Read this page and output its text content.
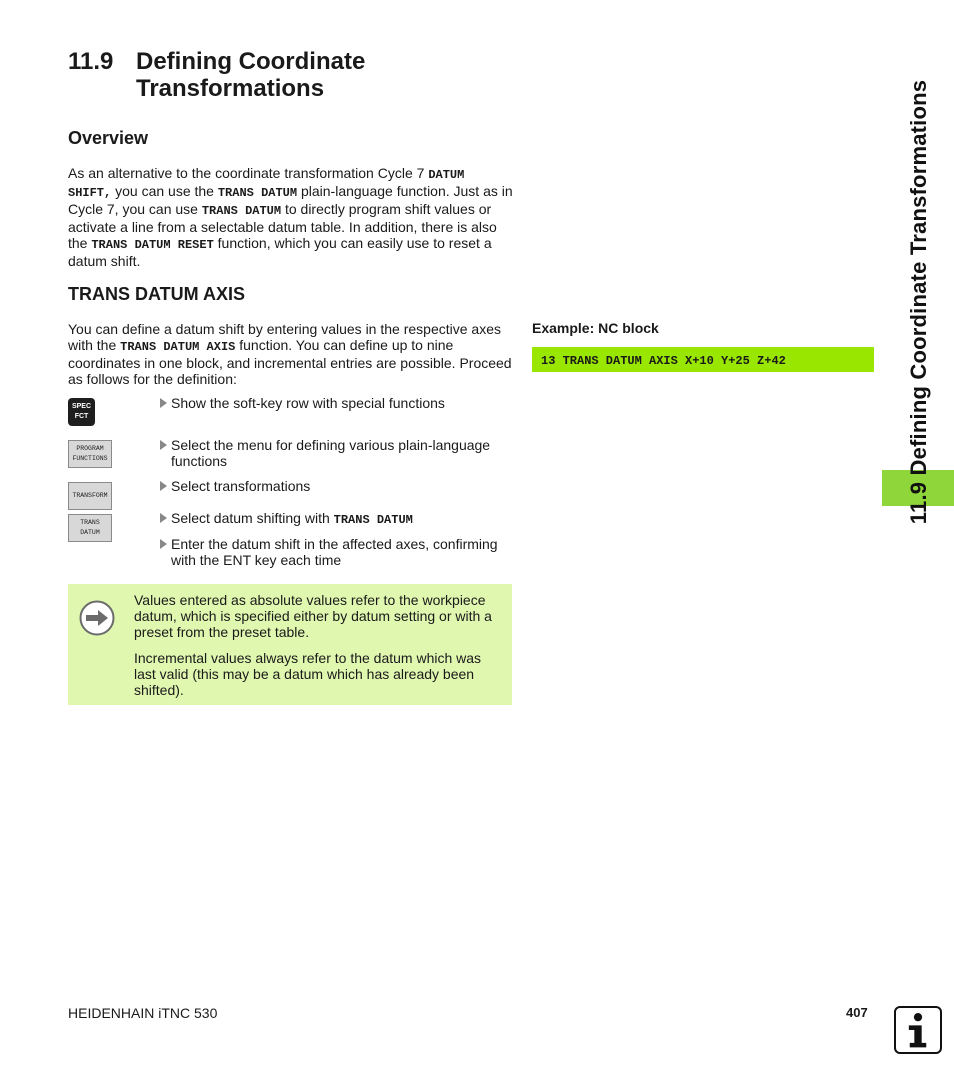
11.9 Defining Coordinate
Transformations
Overview
As an alternative to the coordinate transformation Cycle 7 DATUM
SHIFT, you can use the TRANS DATUM plain-language function. Just as in Cycle 7, you can use TRANS DATUM to directly program shift values or activate a line from a selectable datum table. In addition, there is also the TRANS DATUM RESET function, which you can easily use to reset a datum shift.
TRANS DATUM AXIS
You can define a datum shift by entering values in the respective axes with the TRANS DATUM AXIS function. You can define up to nine coordinates in one block, and incremental entries are possible. Proceed as follows for the definition:
SPEC
FCT
PROGRAM
FUNCTIONS
TRANSFORM
TRANS
DATUM
Show the soft-key row with special functions
Select the menu for defining various plain-language functions
Select transformations
Select datum shifting with TRANS DATUM
Enter the datum shift in the affected axes, confirming with the ENT key each time
Values entered as absolute values refer to the workpiece datum, which is specified either by datum setting or with a preset from the preset table.
Incremental values always refer to the datum which was last valid (this may be a datum which has already been shifted).
Example: NC block
13 TRANS DATUM AXIS X+10 Y+25 Z+42	11.9 Defining Coordinate Transformations
HEIDENHAIN iTNC 530	407
